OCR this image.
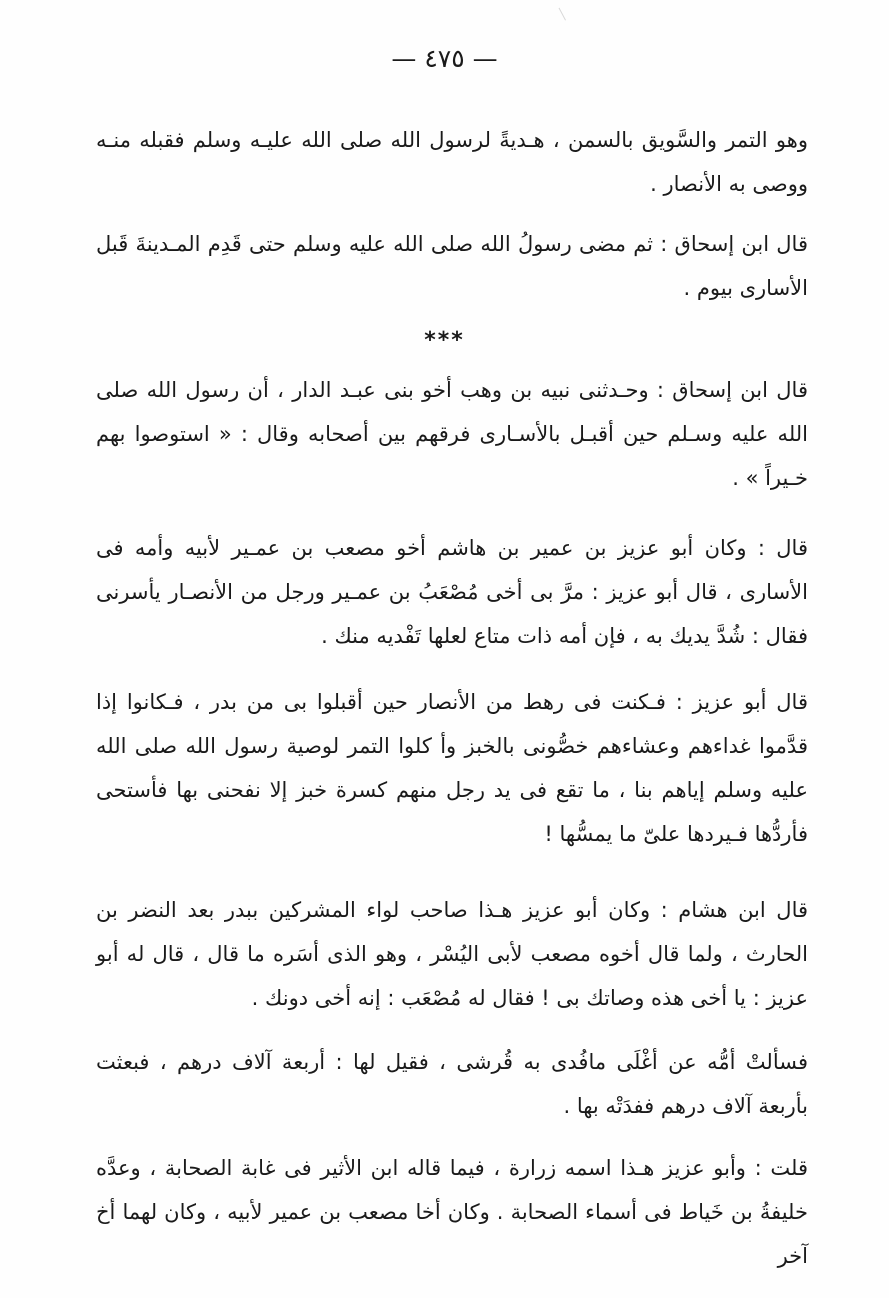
— ٤٧٥ —
وهو التمر والسَّويق بالسمن ، هـديةً لرسول الله صلى الله عليـه وسلم فقبله منـه ووصى به الأنصار .
قال ابن إسحاق : ثم مضى رسولُ الله صلى الله عليه وسلم حتى قَدِم المـدينةَ قَبل الأسارى بيوم .
***
قال ابن إسحاق : وحـدثنى نبيه بن وهب أخو بنى عبـد الدار ، أن رسول الله صلى الله عليه وسـلم حين أقبـل بالأسـارى فرقهم بين أصحابه وقال : « استوصوا بهم خـيراً » .
قال : وكان أبو عزيز بن عمير بن هاشم أخو مصعب بن عمـير لأبيه وأمه فى الأسارى ، قال أبو عزيز : مرَّ بى أخى مُصْعَبُ بن عمـير ورجل من الأنصـار يأسرنى فقال : شُدَّ يديك به ، فإن أمه ذات متاع لعلها تَفْديه منك .
قال أبو عزيز : فـكنت فى رهط من الأنصار حين أقبلوا بى من بدر ، فـكانوا إذا قدَّموا غداءهم وعشاءهم خصُّونى بالخبز وأ كلوا التمر لوصية رسول الله صلى الله عليه وسلم إياهم بنا ، ما تقع فى يد رجل منهم كسرة خبز إلا نفحنى بها فأستحى فأردُّها فـيردها علىّ ما يمسُّها !
قال ابن هشام : وكان أبو عزيز هـذا صاحب لواء المشركين ببدر بعد النضر بن الحارث ، ولما قال أخوه مصعب لأبى اليُسْر ، وهو الذى أسَره ما قال ، قال له أبو عزيز : يا أخى هذه وصاتك بى ! فقال له مُصْعَب : إنه أخى دونك .
فسألتْ أمُّه عن أغْلَى مافُدى به قُرشى ، فقيل لها : أربعة آلاف درهم ، فبعثت بأربعة آلاف درهم ففدَتْه بها .
قلت : وأبو عزيز هـذا اسمه زرارة ، فيما قاله ابن الأثير فى غابة الصحابة ، وعدَّه خليفةُ بن خَياط فى أسماء الصحابة . وكان أخا مصعب بن عمير لأبيه ، وكان لهما أخ آخر
